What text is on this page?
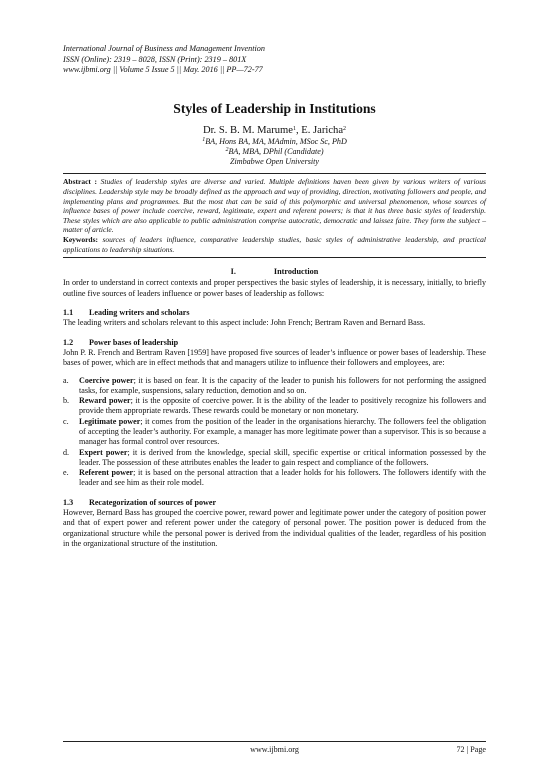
International Journal of Business and Management Invention
ISSN (Online): 2319 – 8028, ISSN (Print): 2319 – 801X
www.ijbmi.org || Volume 5 Issue 5 || May. 2016 || PP—72-77
Styles of Leadership in Institutions
Dr. S. B. M. Marume$^1$, E. Jaricha$^2$
$^1$BA, Hons BA, MA, MAdmin, MSoc Sc, PhD
$^2$BA, MBA, DPhil (Candidate)
Zimbabwe Open University

Abstract : Studies of leadership styles are diverse and varied. Multiple definitions haven been given by various writers of various disciplines. Leadership style may be broadly defined as the approach and way of providing, direction, motivating followers and people, and implementing plans and programmes. But the most that can be said of this polymorphic and universal phenomenon, whose sources of influence bases of power include coercive, reward, legitimate, expert and referent powers; is that it has three basic styles of leadership. These styles which are also applicable to public administration comprise autocratic, democratic and laissez faire. They form the subject – matter of article.

Keywords: sources of leaders influence, comparative leadership studies, basic styles of administrative leadership, and practical applications to leadership situations.

I.	Introduction

In order to understand in correct contexts and proper perspectives the basic styles of leadership, it is necessary, initially, to briefly outline five sources of leaders influence or power bases of leadership as follows:

1.1 Leading writers and scholars

The leading writers and scholars relevant to this aspect include: John French; Bertram Raven and Bernard Bass.

1.2 Power bases of leadership

John P. R. French and Bertram Raven [1959] have proposed five sources of leader’s influence or power bases of leadership. These bases of power, which are in effect methods that and managers utilize to influence their followers and employees, are:

a. Coercive power; it is based on fear. It is the capacity of the leader to punish his followers for not performing the assigned tasks, for example, suspensions, salary reduction, demotion and so on.
b. Reward power; it is the opposite of coercive power. It is the ability of the leader to positively recognize his followers and provide them appropriate rewards. These rewards could be monetary or non monetary.
c. Legitimate power; it comes from the position of the leader in the organisations hierarchy. The followers feel the obligation of accepting the leader’s authority. For example, a manager has more legitimate power than a supervisor. This is so because a manager has formal control over resources.
d. Expert power; it is derived from the knowledge, special skill, specific expertise or critical information possessed by the leader. The possession of these attributes enables the leader to gain respect and compliance of the followers.
e. Referent power; it is based on the personal attraction that a leader holds for his followers. The followers identify with the leader and see him as their role model.
1.3 Recategorization of sources of power

However, Bernard Bass has grouped the coercive power, reward power and legitimate power under the category of position power and that of expert power and referent power under the category of personal power. The position power is deduced from the organizational structure while the personal power is derived from the individual qualities of the leader, regardless of his position in the organizational structure of the institution.

www.ijbmi.org	72 | Page
